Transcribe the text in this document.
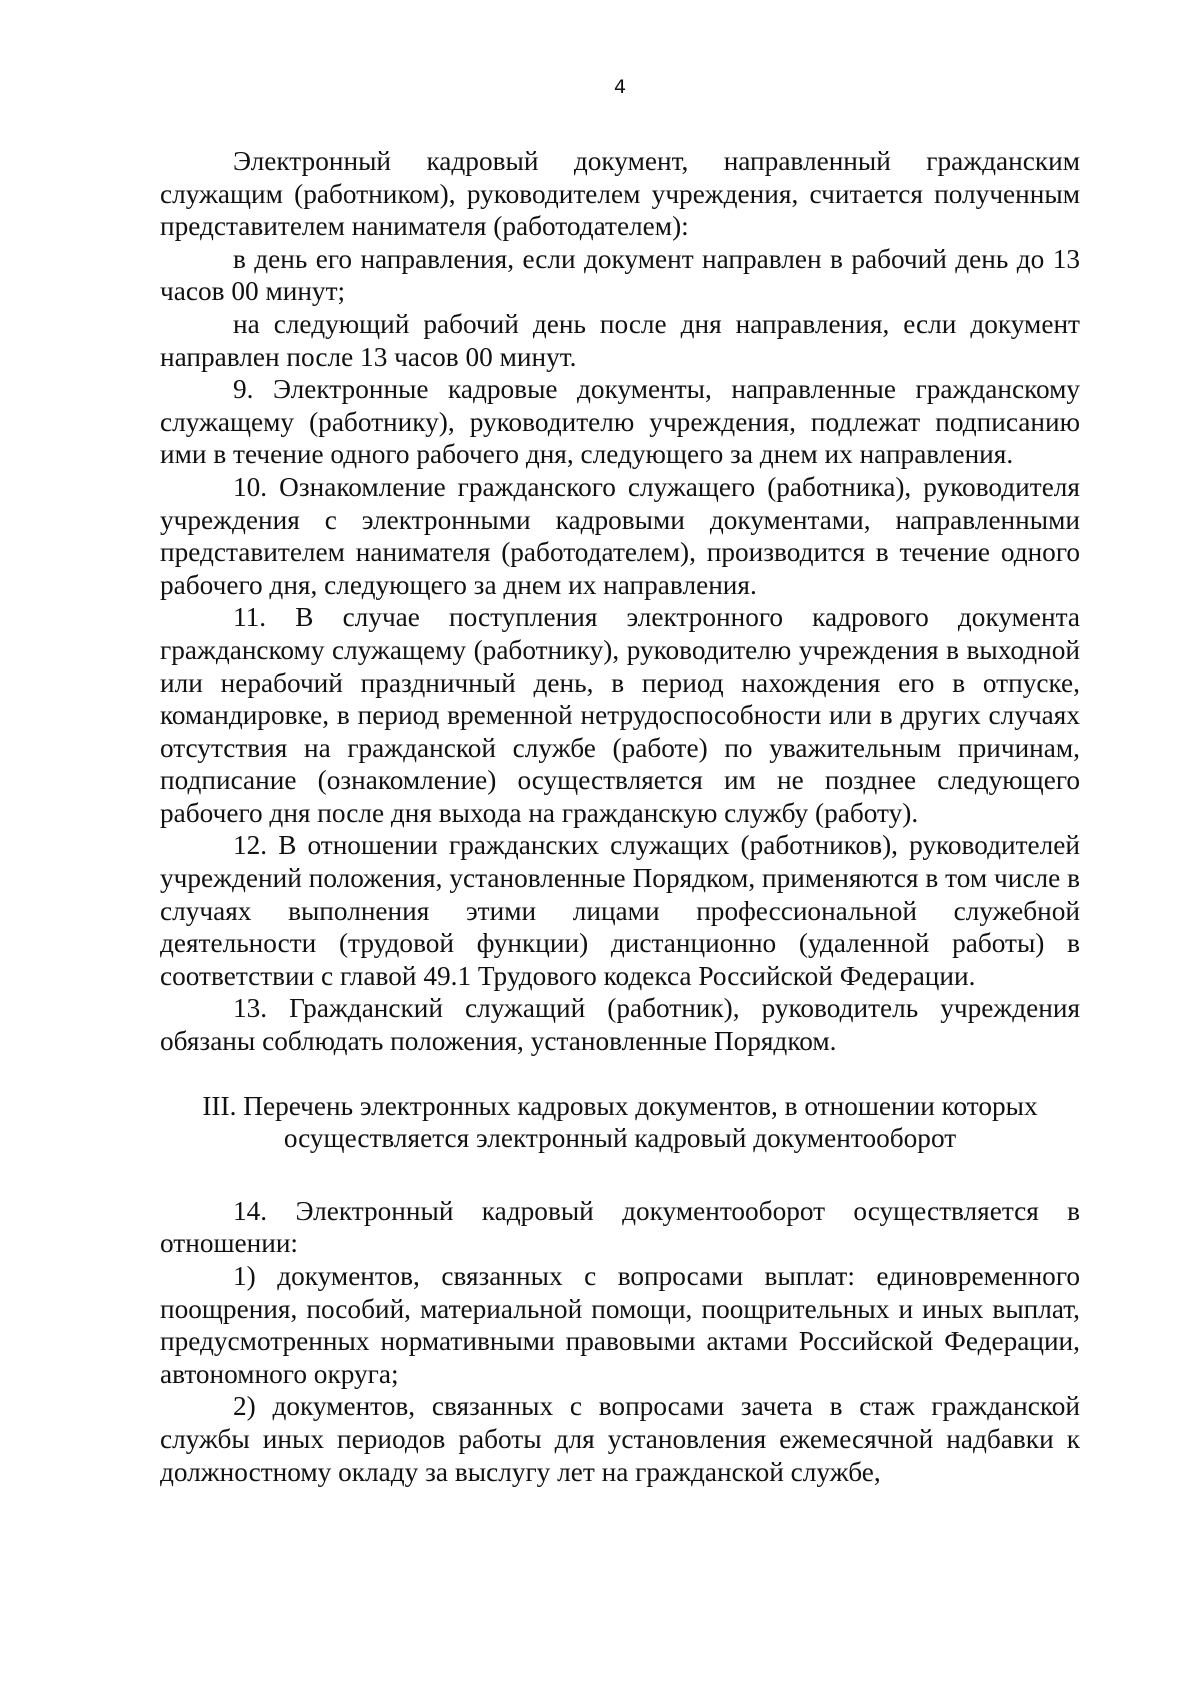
4

Электронный кадровый документ, направленный гражданским служащим (работником), руководителем учреждения, считается полученным представителем нанимателя (работодателем):

в день его направления, если документ направлен в рабочий день до 13 часов 00 минут;

на следующий рабочий день после дня направления, если документ направлен после 13 часов 00 минут.

9. Электронные кадровые документы, направленные гражданскому служащему (работнику), руководителю учреждения, подлежат подписанию ими в течение одного рабочего дня, следующего за днем их направления.

10. Ознакомление гражданского служащего (работника), руководителя учреждения с электронными кадровыми документами, направленными представителем нанимателя (работодателем), производится в течение одного рабочего дня, следующего за днем их направления.

11. В случае поступления электронного кадрового документа гражданскому служащему (работнику), руководителю учреждения в выходной или нерабочий праздничный день, в период нахождения его в отпуске, командировке, в период временной нетрудоспособности или в других случаях отсутствия на гражданской службе (работе) по уважительным причинам, подписание (ознакомление) осуществляется им не позднее следующего рабочего дня после дня выхода на гражданскую службу (работу).

12. В отношении гражданских служащих (работников), руководителей учреждений положения, установленные Порядком, применяются в том числе в случаях выполнения этими лицами профессиональной служебной деятельности (трудовой функции) дистанционно (удаленной работы) в соответствии с главой 49.1 Трудового кодекса Российской Федерации.

13. Гражданский служащий (работник), руководитель учреждения обязаны соблюдать положения, установленные Порядком.

III. Перечень электронных кадровых документов, в отношении которых осуществляется электронный кадровый документооборот

14. Электронный кадровый документооборот осуществляется в отношении:

1) документов, связанных с вопросами выплат: единовременного поощрения, пособий, материальной помощи, поощрительных и иных выплат, предусмотренных нормативными правовыми актами Российской Федерации, автономного округа;

2) документов, связанных с вопросами зачета в стаж гражданской службы иных периодов работы для установления ежемесячной надбавки к должностному окладу за выслугу лет на гражданской службе,
